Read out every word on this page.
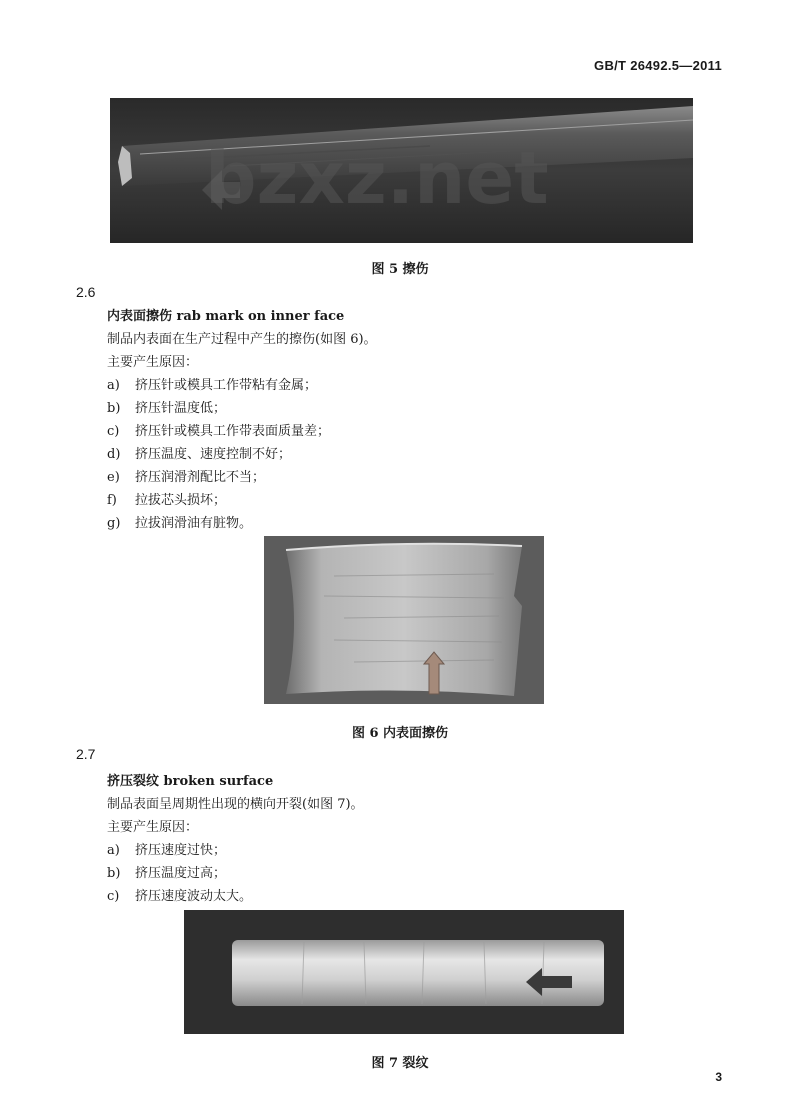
GB/T 26492.5—2011
bzxz.net
图 5 擦伤
2.6
内表面擦伤 rab mark on inner face
制品内表面在生产过程中产生的擦伤(如图 6)。
主要产生原因：
a) 挤压针或模具工作带粘有金属；
b) 挤压针温度低；
c) 挤压针或模具工作带表面质量差；
d) 挤压温度、速度控制不好；
e) 挤压润滑剂配比不当；
f) 拉拔芯头损坏；
g) 拉拔润滑油有脏物。
图 6 内表面擦伤
2.7
挤压裂纹 broken surface
制品表面呈周期性出现的横向开裂(如图 7)。
主要产生原因：
a) 挤压速度过快；
b) 挤压温度过高；
c) 挤压速度波动太大。
图 7 裂纹
3
